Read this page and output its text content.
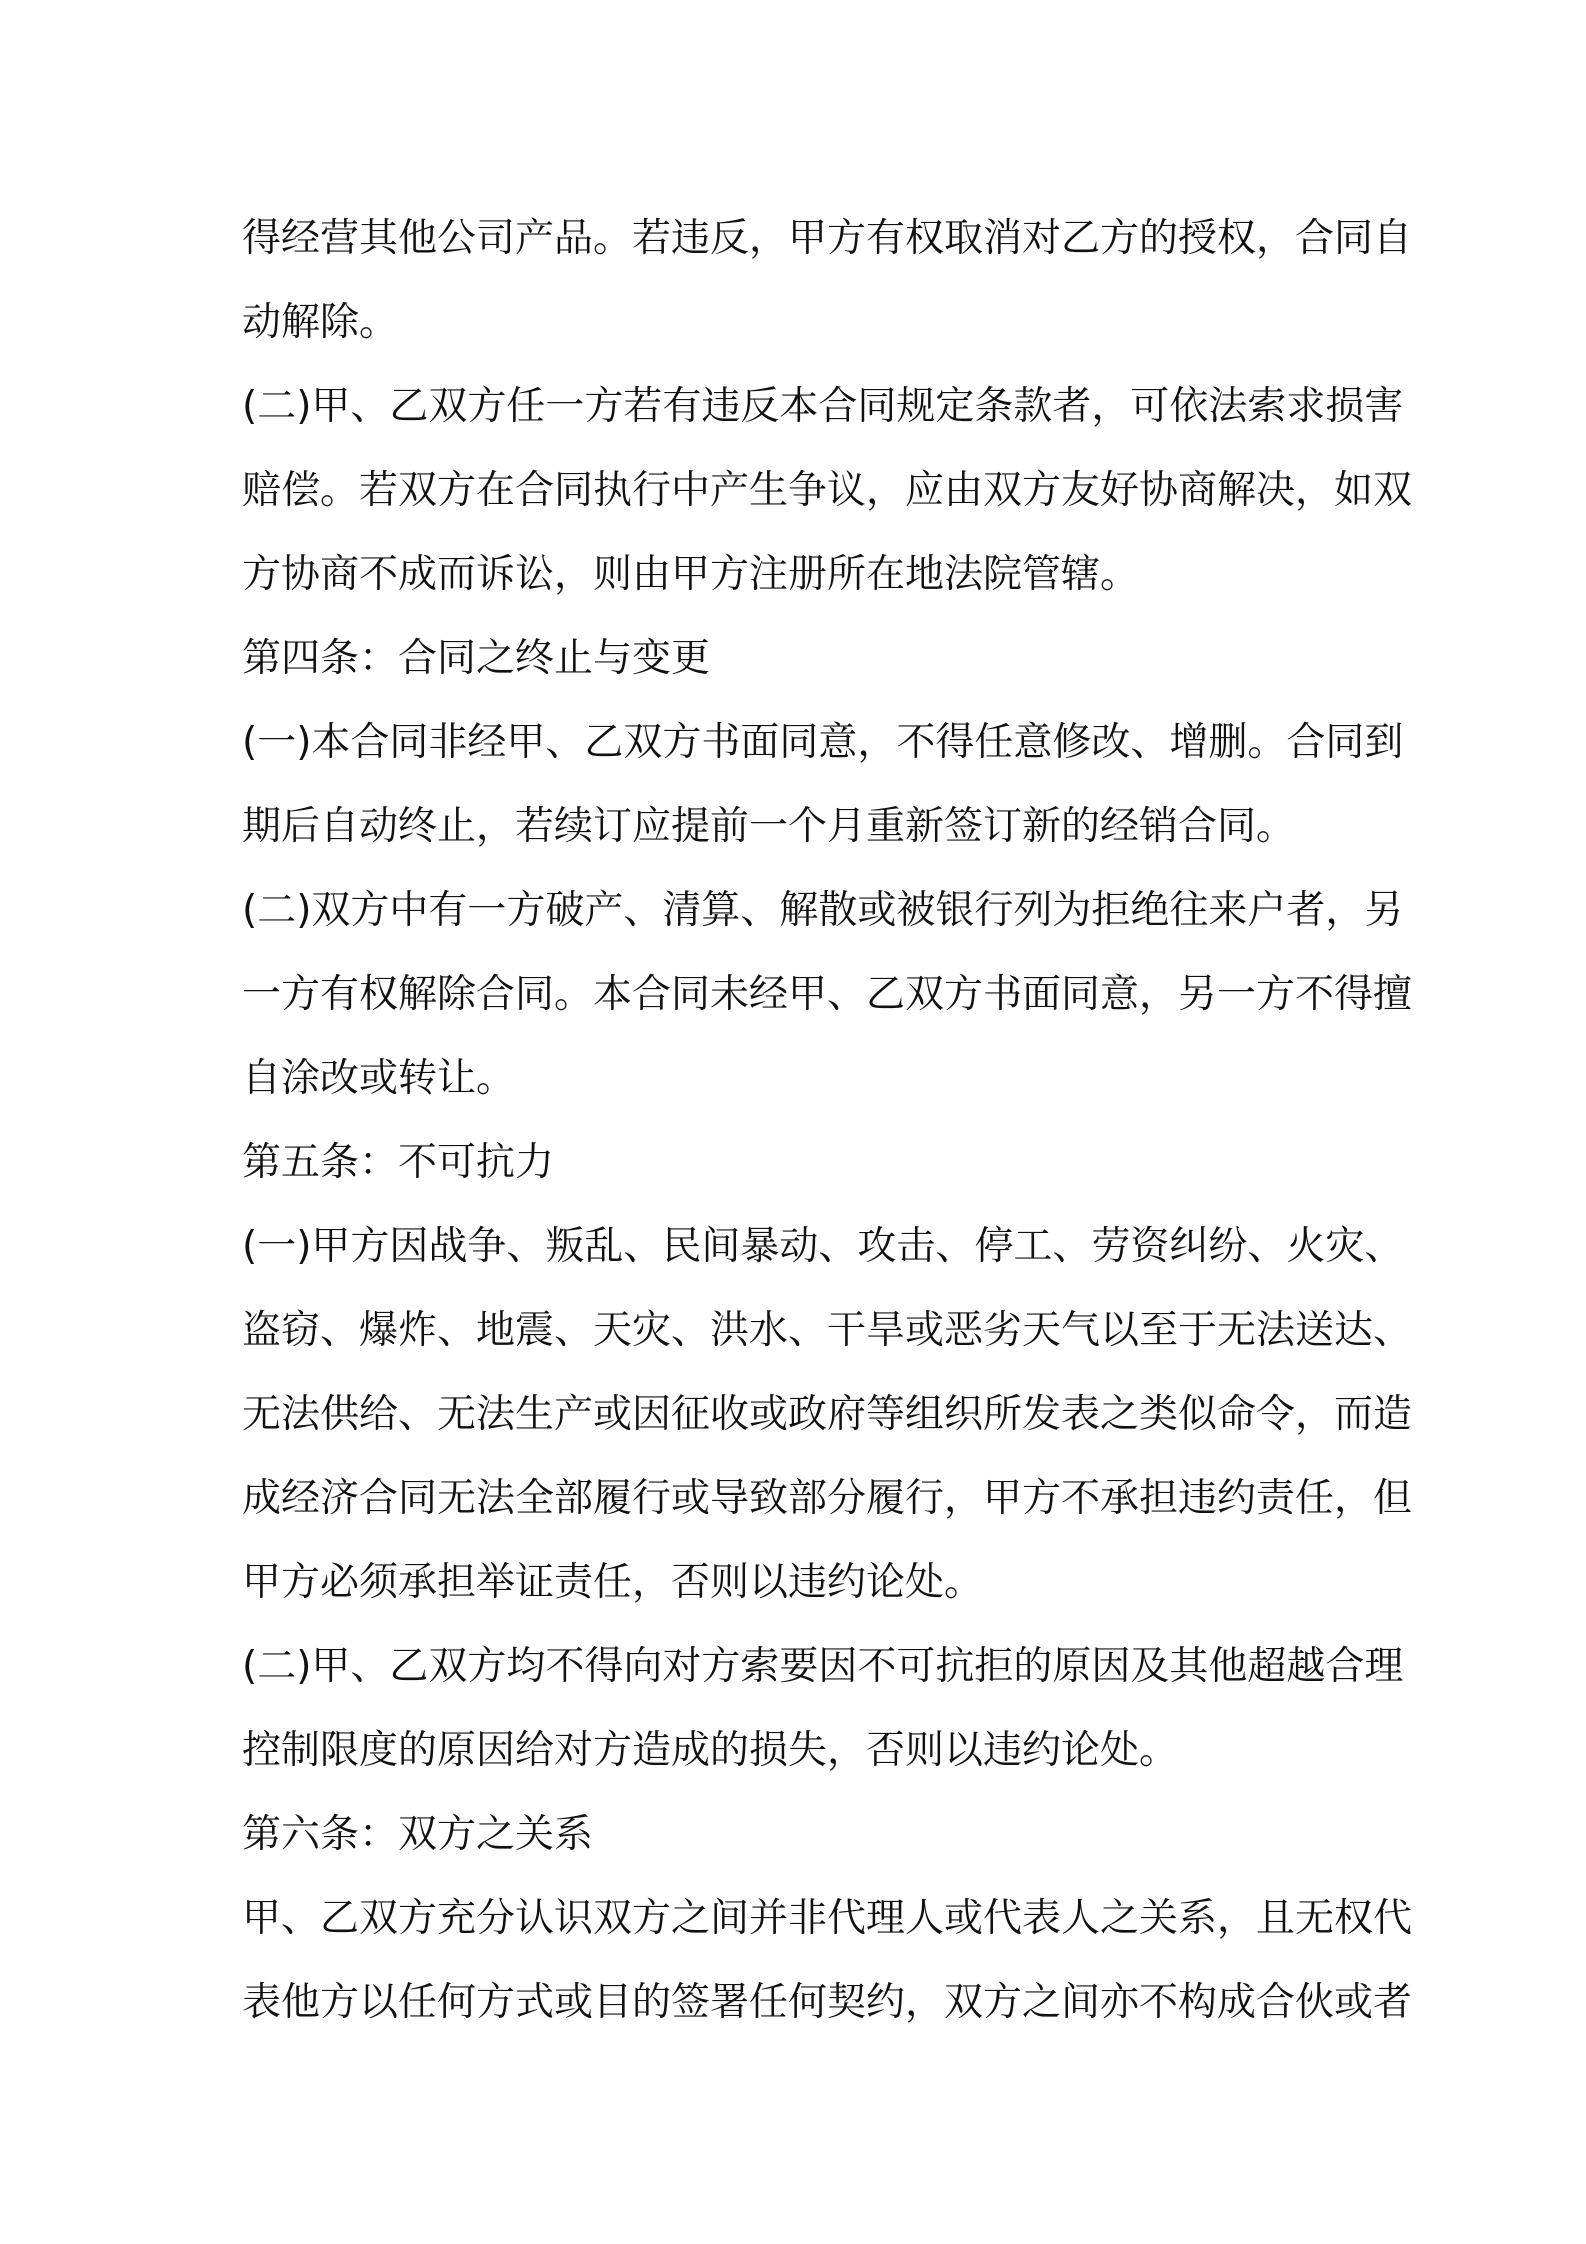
得经营其他公司产品。若违反，甲方有权取消对乙方的授权，合同自
动解除。

(二)甲、乙双方任一方若有违反本合同规定条款者，可依法索求损害
赔偿。若双方在合同执行中产生争议，应由双方友好协商解决，如双
方协商不成而诉讼，则由甲方注册所在地法院管辖。

第四条：合同之终止与变更

(一)本合同非经甲、乙双方书面同意，不得任意修改、增删。合同到
期后自动终止，若续订应提前一个月重新签订新的经销合同。

(二)双方中有一方破产、清算、解散或被银行列为拒绝往来户者，另
一方有权解除合同。本合同未经甲、乙双方书面同意，另一方不得擅
自涂改或转让。

第五条：不可抗力

(一)甲方因战争、叛乱、民间暴动、攻击、停工、劳资纠纷、火灾、
盗窃、爆炸、地震、天灾、洪水、干旱或恶劣天气以至于无法送达、
无法供给、无法生产或因征收或政府等组织所发表之类似命令，而造
成经济合同无法全部履行或导致部分履行，甲方不承担违约责任，但
甲方必须承担举证责任，否则以违约论处。

(二)甲、乙双方均不得向对方索要因不可抗拒的原因及其他超越合理
控制限度的原因给对方造成的损失，否则以违约论处。

第六条：双方之关系

甲、乙双方充分认识双方之间并非代理人或代表人之关系，且无权代
表他方以任何方式或目的签署任何契约，双方之间亦不构成合伙或者
